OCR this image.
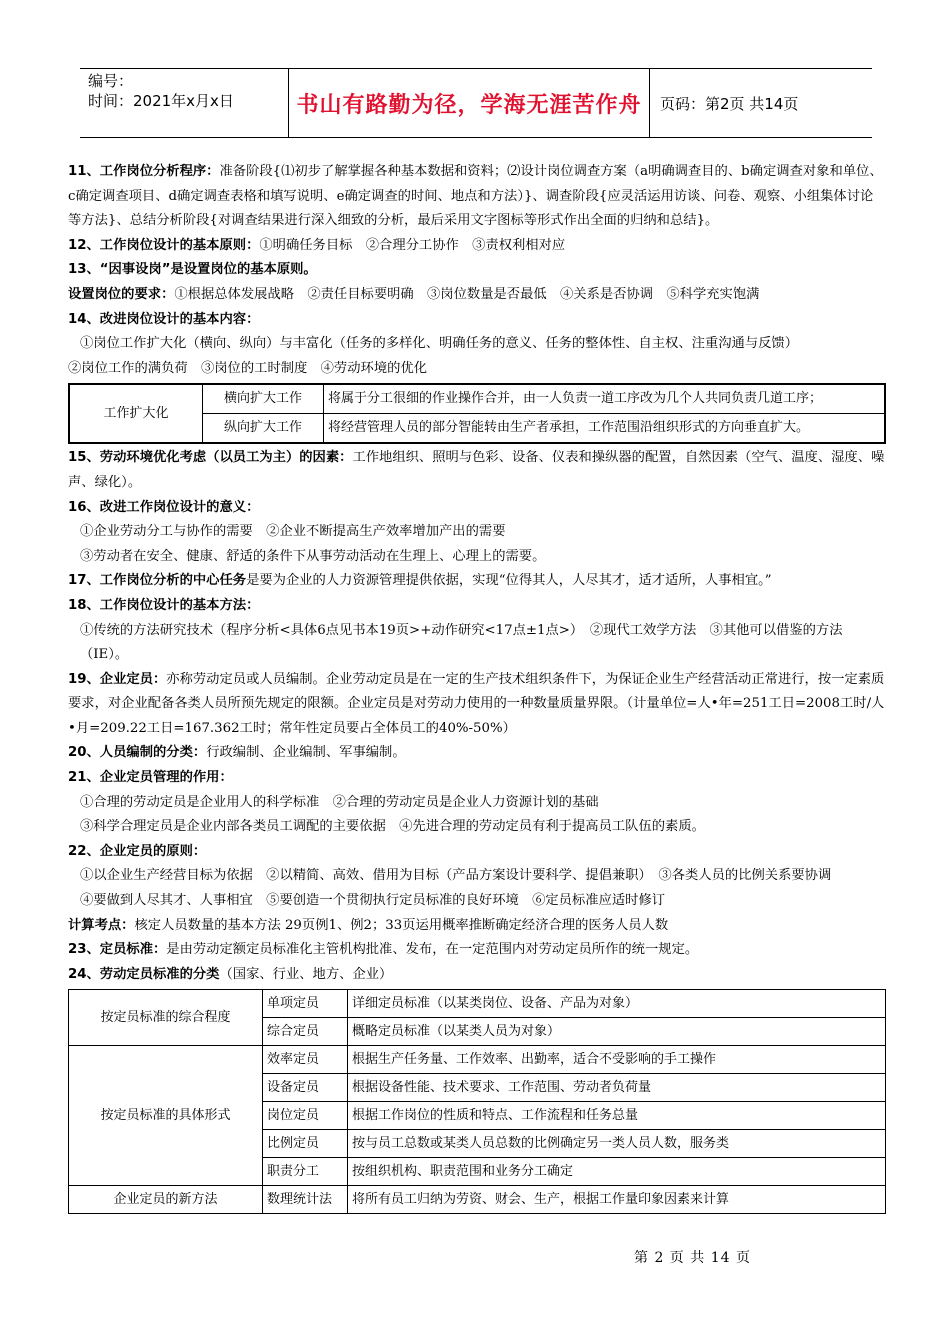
编号：
时间：2021年x月x日	书山有路勤为径，学海无涯苦作舟	页码：第2页 共14页

11、工作岗位分析程序：准备阶段{⑴初步了解掌握各种基本数据和资料；⑵设计岗位调查方案（a明确调查目的、b确定调查对象和单位、c确定调查项目、d确定调查表格和填写说明、e确定调查的时间、地点和方法）}、调查阶段{应灵活运用访谈、问卷、观察、小组集体讨论等方法}、总结分析阶段{对调查结果进行深入细致的分析，最后采用文字图标等形式作出全面的归纳和总结}。

12、工作岗位设计的基本原则：①明确任务目标　②合理分工协作　③责权利相对应

13、“因事设岗”是设置岗位的基本原则。

设置岗位的要求：①根据总体发展战略　②责任目标要明确　③岗位数量是否最低　④关系是否协调　⑤科学充实饱满

14、改进岗位设计的基本内容：

①岗位工作扩大化（横向、纵向）与丰富化（任务的多样化、明确任务的意义、任务的整体性、自主权、注重沟通与反馈）

②岗位工作的满负荷　③岗位的工时制度　④劳动环境的优化

工作扩大化	横向扩大工作	将属于分工很细的作业操作合并，由一人负责一道工序改为几个人共同负责几道工序；
	纵向扩大工作	将经营管理人员的部分智能转由生产者承担，工作范围沿组织形式的方向垂直扩大。

15、劳动环境优化考虑（以员工为主）的因素：工作地组织、照明与色彩、设备、仪表和操纵器的配置，自然因素（空气、温度、湿度、噪声、绿化）。

16、改进工作岗位设计的意义：

①企业劳动分工与协作的需要　②企业不断提高生产效率增加产出的需要

③劳动者在安全、健康、舒适的条件下从事劳动活动在生理上、心理上的需要。

17、工作岗位分析的中心任务是要为企业的人力资源管理提供依据，实现“位得其人，人尽其才，适才适所，人事相宜。”

18、工作岗位设计的基本方法：

①传统的方法研究技术（程序分析<具体6点见书本19页>+动作研究<17点±1点>）　②现代工效学方法　③其他可以借鉴的方法（IE）。

19、企业定员：亦称劳动定员或人员编制。企业劳动定员是在一定的生产技术组织条件下，为保证企业生产经营活动正常进行，按一定素质要求，对企业配备各类人员所预先规定的限额。企业定员是对劳动力使用的一种数量质量界限。（计量单位=人•年=251工日=2008工时/人•月=209.22工日=167.362工时；常年性定员要占全体员工的40%-50%）

20、人员编制的分类：行政编制、企业编制、军事编制。

21、企业定员管理的作用：

①合理的劳动定员是企业用人的科学标准　②合理的劳动定员是企业人力资源计划的基础

③科学合理定员是企业内部各类员工调配的主要依据　④先进合理的劳动定员有利于提高员工队伍的素质。

22、企业定员的原则：

①以企业生产经营目标为依据　②以精简、高效、借用为目标（产品方案设计要科学、提倡兼职）　③各类人员的比例关系要协调

④要做到人尽其才、人事相宜　⑤要创造一个贯彻执行定员标准的良好环境　⑥定员标准应适时修订

计算考点：核定人员数量的基本方法 29页例1、例2；33页运用概率推断确定经济合理的医务人员人数

23、定员标准：是由劳动定额定员标准化主管机构批准、发布，在一定范围内对劳动定员所作的统一规定。

24、劳动定员标准的分类（国家、行业、地方、企业）

按定员标准的综合程度	单项定员	详细定员标准（以某类岗位、设备、产品为对象）
	综合定员	概略定员标准（以某类人员为对象）
按定员标准的具体形式	效率定员	根据生产任务量、工作效率、出勤率，适合不受影响的手工操作
	设备定员	根据设备性能、技术要求、工作范围、劳动者负荷量
	岗位定员	根据工作岗位的性质和特点、工作流程和任务总量
	比例定员	按与员工总数或某类人员总数的比例确定另一类人员人数，服务类
	职责分工	按组织机构、职责范围和业务分工确定
企业定员的新方法	数理统计法	将所有员工归纳为劳资、财会、生产，根据工作量印象因素来计算
第 2 页 共 14 页
